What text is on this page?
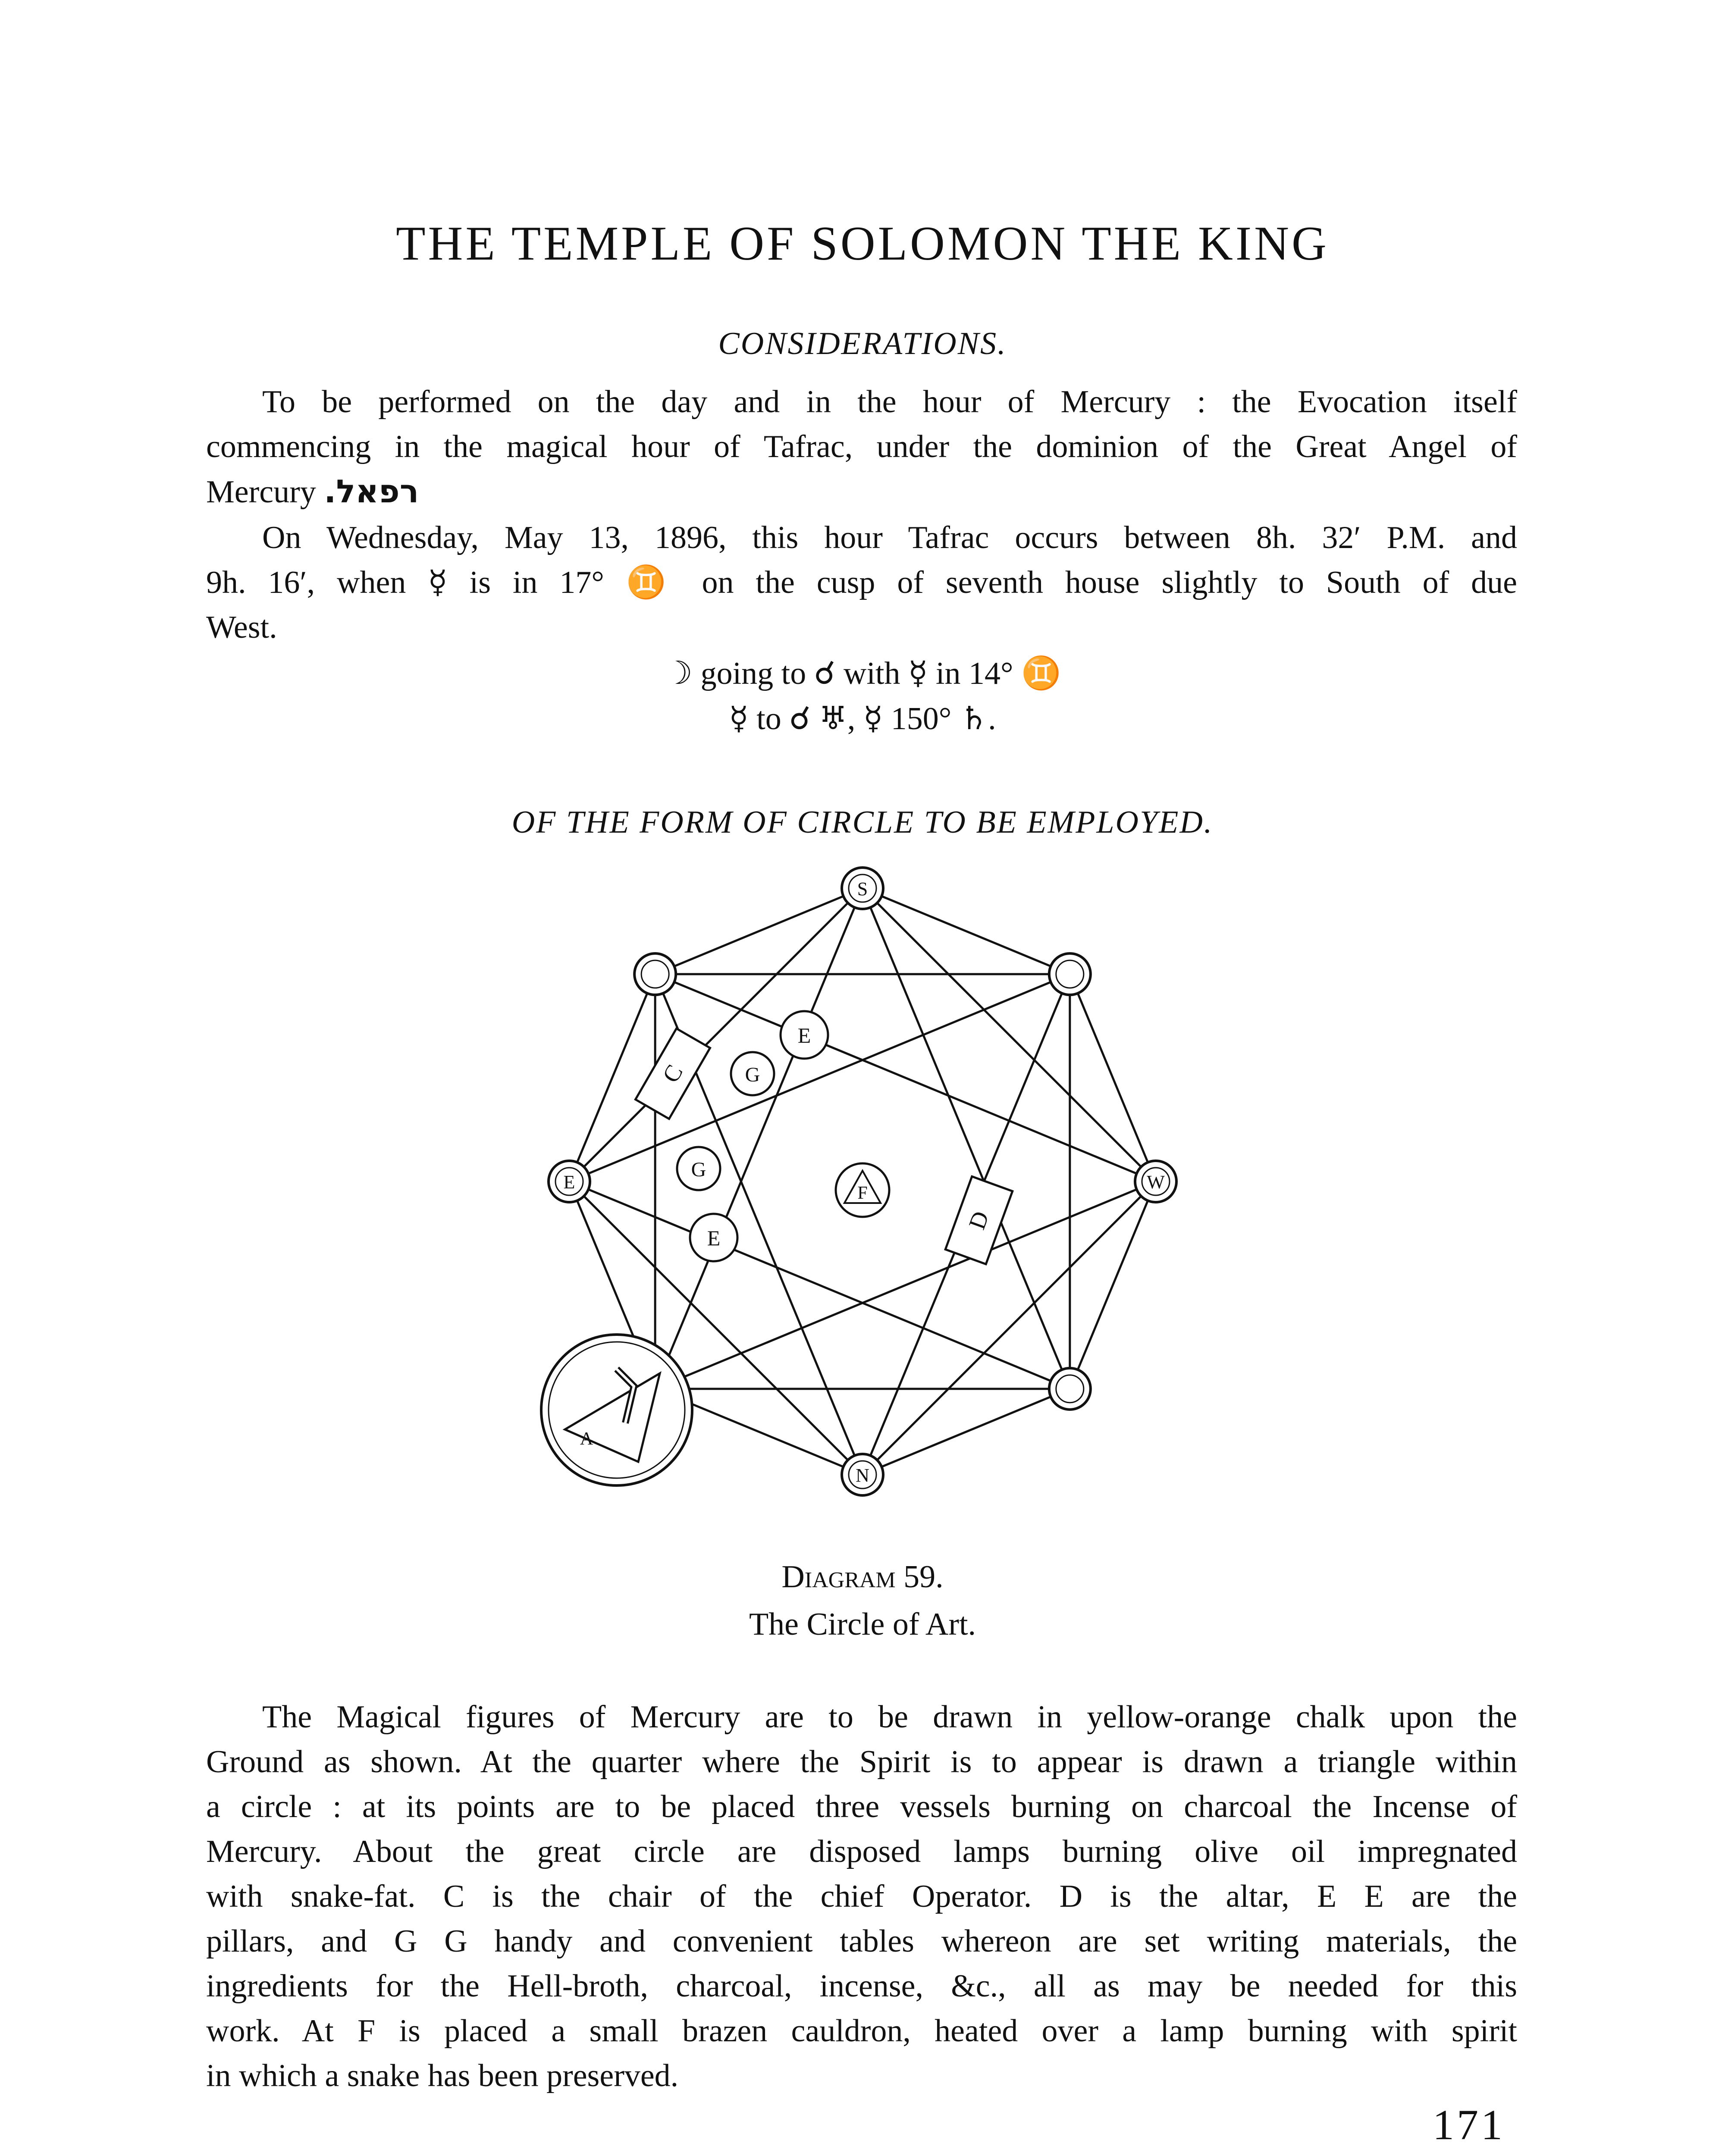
THE TEMPLE OF SOLOMON THE KING
CONSIDERATIONS.
To be performed on the day and in the hour of Mercury : the Evocation itself
commencing in the magical hour of Tafrac, under the dominion of the Great Angel of
Mercury רפאל.
On Wednesday, May 13, 1896, this hour Tafrac occurs between 8h. 32′ P.M. and
9h. 16′, when ☿ is in 17° ♊ on the cusp of seventh house slightly to South of due
West.
☽ going to ☌ with ☿ in 14° ♊
☿ to ☌ ♅, ☿ 150° ♄.
OF THE FORM OF CIRCLE TO BE EMPLOYED.
S
W
N
E
C
D
E
G
G
E
F
A
Diagram 59.
The Circle of Art.
The Magical figures of Mercury are to be drawn in yellow-orange chalk upon the
Ground as shown. At the quarter where the Spirit is to appear is drawn a triangle within
a circle : at its points are to be placed three vessels burning on charcoal the Incense of
Mercury. About the great circle are disposed lamps burning olive oil impregnated
with snake-fat. C is the chair of the chief Operator. D is the altar, E E are the
pillars, and G G handy and convenient tables whereon are set writing materials, the
ingredients for the Hell-broth, charcoal, incense, &c., all as may be needed for this
work. At F is placed a small brazen cauldron, heated over a lamp burning with spirit
in which a snake has been preserved.
171
